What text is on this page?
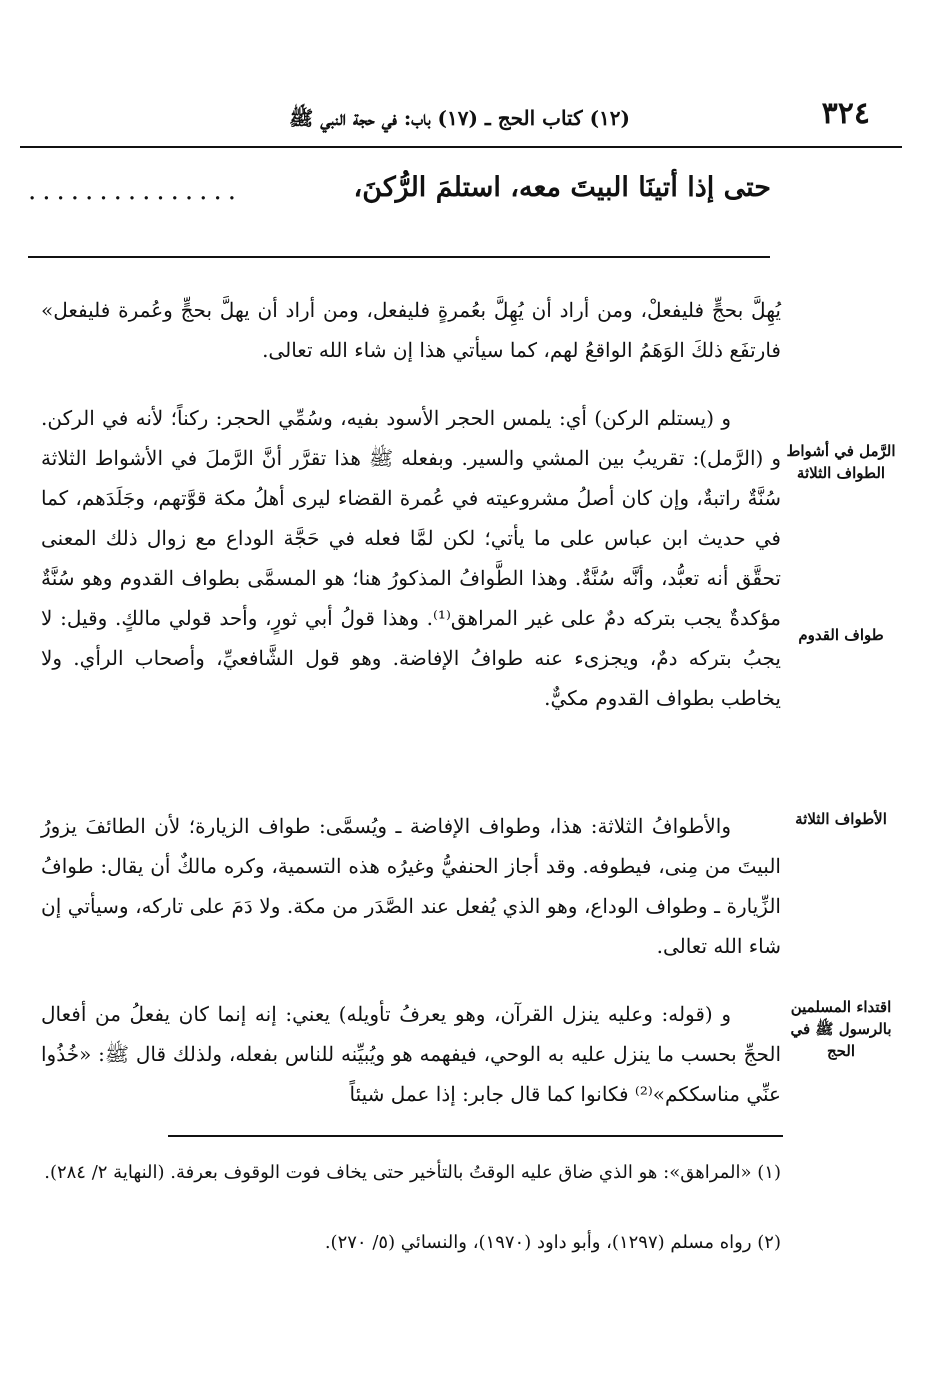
٣٢٤
(١٢) كتاب الحج ـ (١٧) باب: في حجة النبي ﷺ
حتى إذا أتينَا البيتَ معه، استلمَ الرُّكنَ،
...............

يُهِلَّ بحجٍّ فليفعلْ، ومن أراد أن يُهِلَّ بعُمرةٍ فليفعل، ومن أراد أن يهلَّ بحجٍّ وعُمرة فليفعل» فارتفَع ذلكَ الوَهَمُ الواقعُ لهم، كما سيأتي هذا إن شاء الله تعالى.

و (يستلم الركن) أي: يلمس الحجر الأسود بفيه، وسُمِّي الحجر: ركناً؛ لأنه في الركن. و (الرَّمل): تقريبُ بين المشي والسير. وبفعله ﷺ هذا تقرَّر أنَّ الرَّملَ في الأشواط الثلاثة سُنَّةٌ راتبةٌ، وإن كان أصلُ مشروعيته في عُمرة القضاء ليرى أهلُ مكة قوَّتهم، وجَلَدَهم، كما في حديث ابن عباس على ما يأتي؛ لكن لمَّا فعله في حَجَّة الوداع مع زوال ذلك المعنى تحقَّق أنه تعبُّد، وأنَّه سُنَّةٌ. وهذا الطَّوافُ المذكورُ هنا؛ هو المسمَّى بطواف القدوم وهو سُنَّةٌ مؤكدةٌ يجب بتركه دمٌ على غير المراهق⁽¹⁾. وهذا قولُ أبي ثورٍ، وأحد قولي مالكٍ. وقيل: لا يجبُ بتركه دمٌ، ويجزىء عنه طوافُ الإفاضة. وهو قول الشَّافعيِّ، وأصحاب الرأي. ولا يخاطب بطواف القدوم مكيٌّ.

والأطوافُ الثلاثة: هذا، وطواف الإفاضة ـ ويُسمَّى: طواف الزيارة؛ لأن الطائفَ يزورُ البيتَ من مِنى، فيطوفه. وقد أجاز الحنفيُّ وغيرُه هذه التسمية، وكره مالكٌ أن يقال: طوافُ الزِّيارة ـ وطواف الوداع، وهو الذي يُفعل عند الصَّدَر من مكة. ولا دَمَ على تاركه، وسيأتي إن شاء الله تعالى.

و (قوله: وعليه ينزل القرآن، وهو يعرفُ تأويله) يعني: إنه إنما كان يفعلُ من أفعال الحجِّ بحسب ما ينزل عليه به الوحي، فيفهمه هو ويُبيِّنه للناس بفعله، ولذلك قال ﷺ: «خُذُوا عنِّي مناسككم»⁽²⁾ فكانوا كما قال جابر: إذا عمل شيئاً

الرَّمل في أشواط الطواف الثلاثة
طواف القدوم
الأطواف الثلاثة
اقتداء المسلمين بالرسول ﷺ في الحج
(١) «المراهق»: هو الذي ضاق عليه الوقتُ بالتأخير حتى يخاف فوت الوقوف بعرفة. (النهاية ٢/ ٢٨٤).
(٢) رواه مسلم (١٢٩٧)، وأبو داود (١٩٧٠)، والنسائي (٥/ ٢٧٠).
